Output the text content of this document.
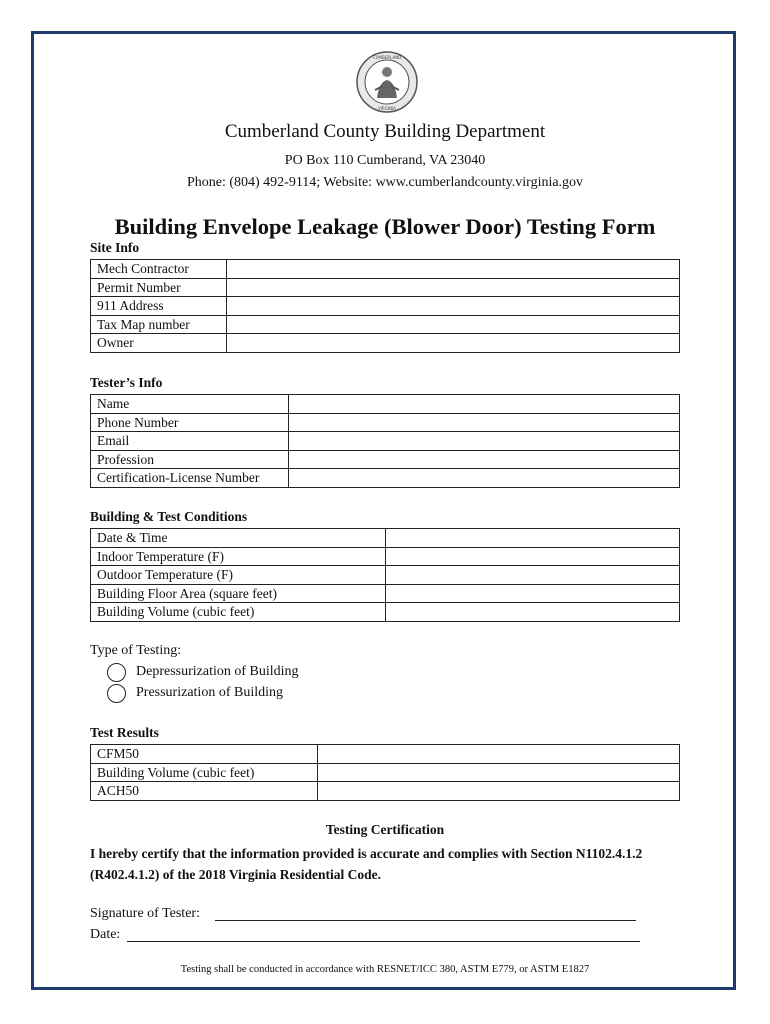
CUMBERLAND
VIRGINIA
Cumberland County Building Department
PO Box 110 Cumberand, VA 23040
Phone: (804) 492-9114; Website: www.cumberlandcounty.virginia.gov
Building Envelope Leakage (Blower Door) Testing Form
Site Info
Mech Contractor	
Permit Number	
911 Address	
Tax Map number	
Owner	
Tester’s Info
Name	
Phone Number	
Email	
Profession	
Certification-License Number	
Building & Test Conditions
Date & Time	
Indoor Temperature (F)	
Outdoor Temperature (F)	
Building Floor Area (square feet)	
Building Volume (cubic feet)	
Type of Testing:
Depressurization of Building
Pressurization of Building
Test Results
CFM50	
Building Volume (cubic feet)	
ACH50	
Testing Certification
I hereby certify that the information provided is accurate and complies with Section N1102.4.1.2 (R402.4.1.2) of the 2018 Virginia Residential Code.
Signature of Tester:
Date:
Testing shall be conducted in accordance with RESNET/ICC 380, ASTM E779, or ASTM E1827
